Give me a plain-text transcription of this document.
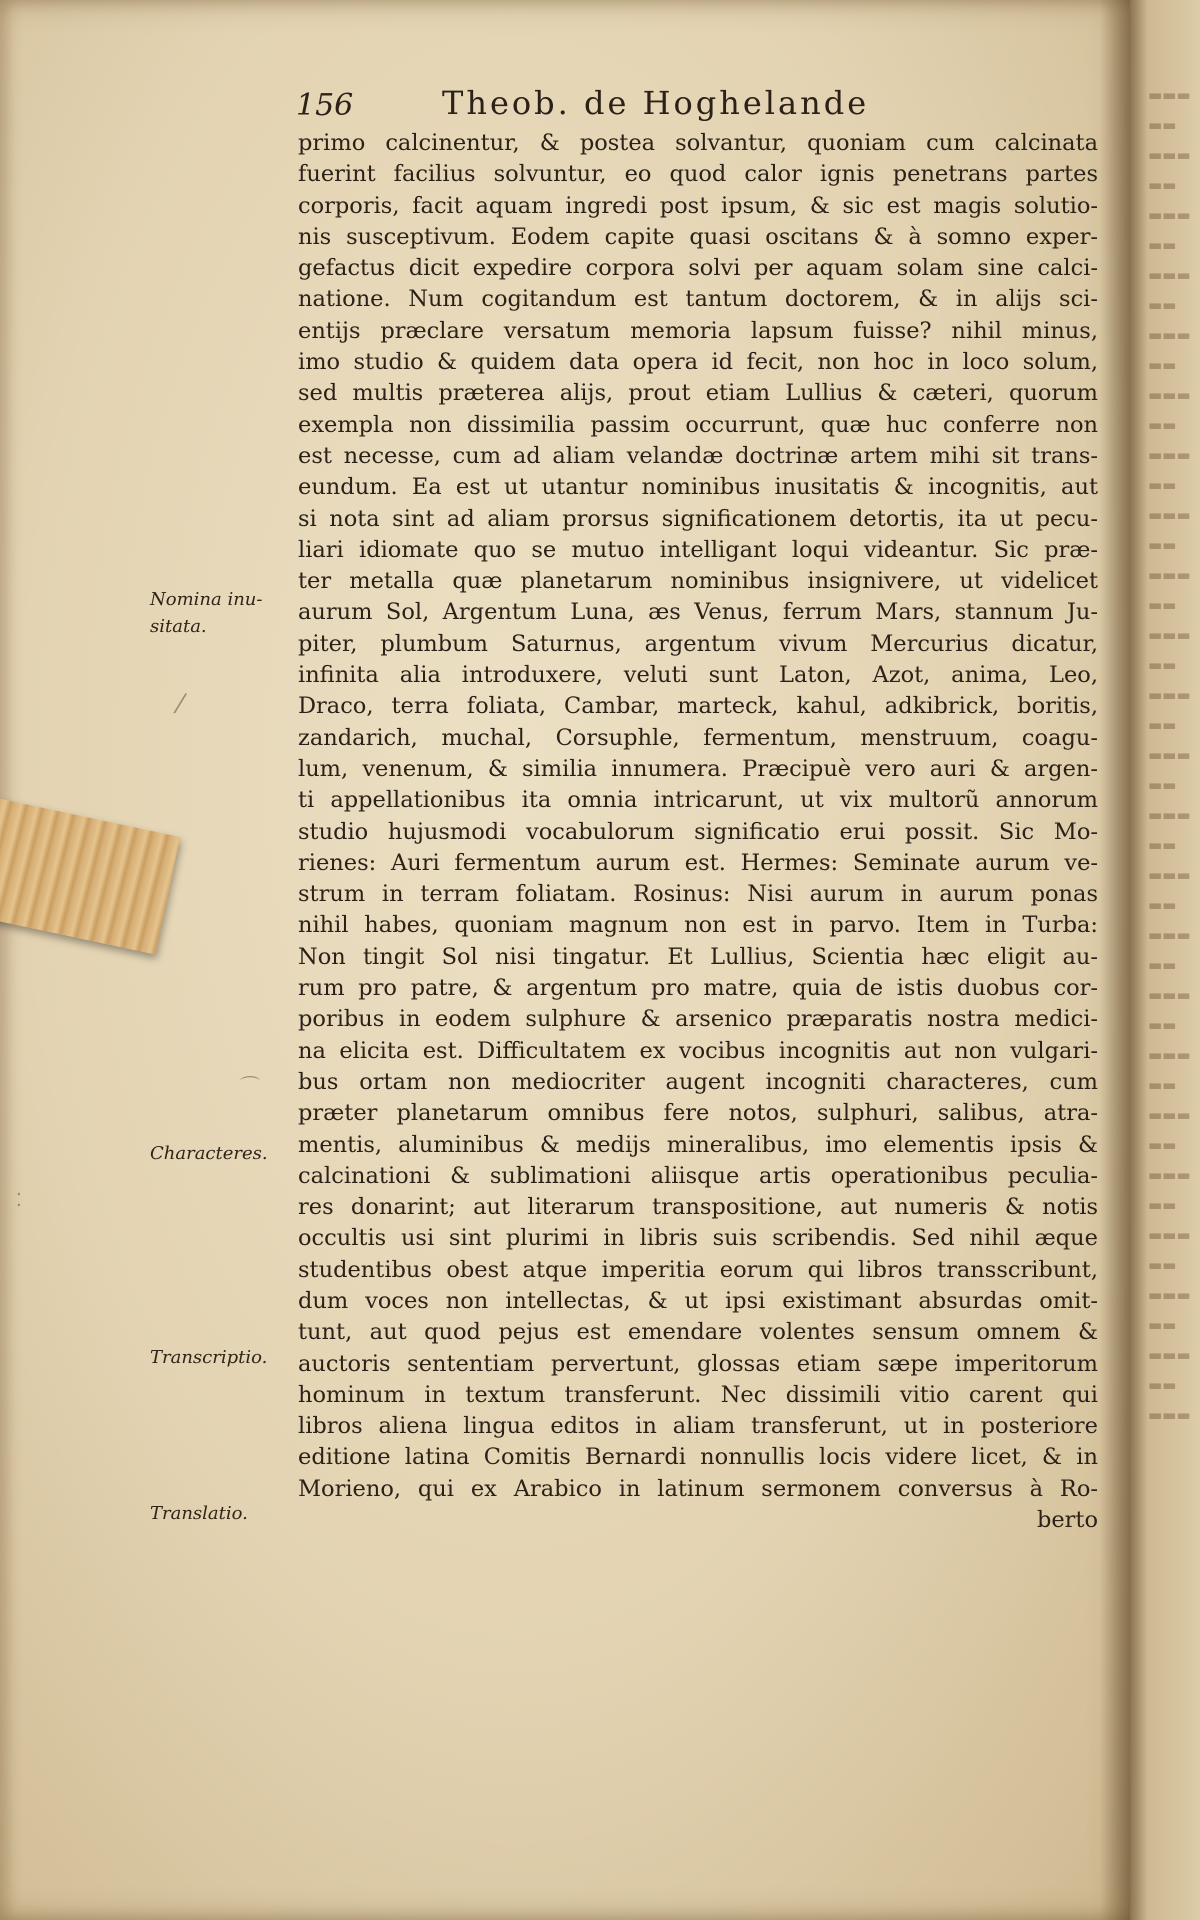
156	Theob. de Hoghelande
Nomina inu-
sitata.
Characteres.
Transcriptio.
Translatio.
primo calcinentur, & postea solvantur, quoniam cum calcinata
fuerint facilius solvuntur, eo quod calor ignis penetrans partes
corporis, facit aquam ingredi post ipsum, & sic est magis solutio-
nis susceptivum. Eodem capite quasi oscitans & à somno exper-
gefactus dicit expedire corpora solvi per aquam solam sine calci-
natione. Num cogitandum est tantum doctorem, & in alijs sci-
entijs præclare versatum memoria lapsum fuisse? nihil minus,
imo studio & quidem data opera id fecit, non hoc in loco solum,
sed multis præterea alijs, prout etiam Lullius & cæteri, quorum
exempla non dissimilia passim occurrunt, quæ huc conferre non
est necesse, cum ad aliam velandæ doctrinæ artem mihi sit trans-
eundum. Ea est ut utantur nominibus inusitatis & incognitis, aut
si nota sint ad aliam prorsus significationem detortis, ita ut pecu-
liari idiomate quo se mutuo intelligant loqui videantur. Sic præ-
ter metalla quæ planetarum nominibus insignivere, ut videlicet
aurum Sol, Argentum Luna, æs Venus, ferrum Mars, stannum Ju-
piter, plumbum Saturnus, argentum vivum Mercurius dicatur,
infinita alia introduxere, veluti sunt Laton, Azot, anima, Leo,
Draco, terra foliata, Cambar, marteck, kahul, adkibrick, boritis,
zandarich, muchal, Corsuphle, fermentum, menstruum, coagu-
lum, venenum, & similia innumera. Præcipuè vero auri & argen-
ti appellationibus ita omnia intricarunt, ut vix multorũ annorum
studio hujusmodi vocabulorum significatio erui possit. Sic Mo-
rienes: Auri fermentum aurum est. Hermes: Seminate aurum ve-
strum in terram foliatam. Rosinus: Nisi aurum in aurum ponas
nihil habes, quoniam magnum non est in parvo. Item in Turba:
Non tingit Sol nisi tingatur. Et Lullius, Scientia hæc eligit au-
rum pro patre, & argentum pro matre, quia de istis duobus cor-
poribus in eodem sulphure & arsenico præparatis nostra medici-
na elicita est. Difficultatem ex vocibus incognitis aut non vulgari-
bus ortam non mediocriter augent incogniti characteres, cum
præter planetarum omnibus fere notos, sulphuri, salibus, atra-
mentis, aluminibus & medijs mineralibus, imo elementis ipsis &
calcinationi & sublimationi aliisque artis operationibus peculia-
res donarint; aut literarum transpositione, aut numeris & notis
occultis usi sint plurimi in libris suis scribendis. Sed nihil æque
studentibus obest atque imperitia eorum qui libros transscribunt,
dum voces non intellectas, & ut ipsi existimant absurdas omit-
tunt, aut quod pejus est emendare volentes sensum omnem &
auctoris sententiam pervertunt, glossas etiam sæpe imperitorum
hominum in textum transferunt. Nec dissimili vitio carent qui
libros aliena lingua editos in aliam transferunt, ut in posteriore
editione latina Comitis Bernardi nonnullis locis videre licet, & in
Morieno, qui ex Arabico in latinum sermonem conversus à Ro-
berto
⁄
⌒
⁚
▬▬▬
▬▬
▬▬▬
▬▬
▬▬▬
▬▬
▬▬▬
▬▬
▬▬▬
▬▬
▬▬▬
▬▬
▬▬▬
▬▬
▬▬▬
▬▬
▬▬▬
▬▬
▬▬▬
▬▬
▬▬▬
▬▬
▬▬▬
▬▬
▬▬▬
▬▬
▬▬▬
▬▬
▬▬▬
▬▬
▬▬▬
▬▬
▬▬▬
▬▬
▬▬▬
▬▬
▬▬▬
▬▬
▬▬▬
▬▬
▬▬▬
▬▬
▬▬▬
▬▬
▬▬▬
